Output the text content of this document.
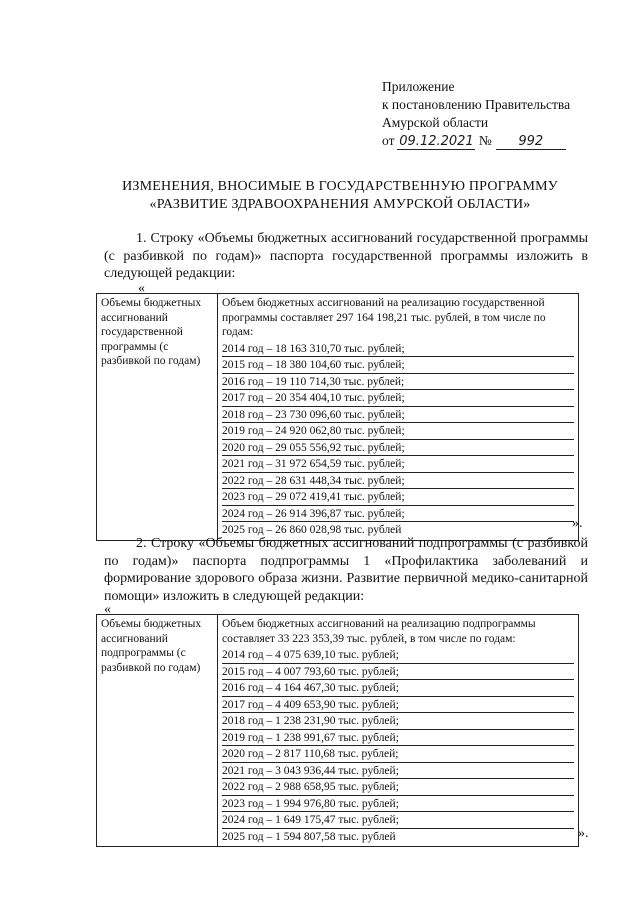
Приложение
к постановлению Правительства
Амурской области
от 09.12.2021 № 992
ИЗМЕНЕНИЯ, ВНОСИМЫЕ В ГОСУДАРСТВЕННУЮ ПРОГРАММУ
«РАЗВИТИЕ ЗДРАВООХРАНЕНИЯ АМУРСКОЙ ОБЛАСТИ»
1. Строку «Объемы бюджетных ассигнований государственной программы (с разбивкой по годам)» паспорта государственной программы изложить в следующей редакции:
«
Объемы бюджетных ассигнований государственной программы (с разбивкой по годам)	
Объем бюджетных ассигнований на реализацию государственной программы составляет 297 164 198,21 тыс. рублей, в том числе по годам:
2014 год – 18 163 310,70 тыс. рублей;
2015 год – 18 380 104,60 тыс. рублей;
2016 год – 19 110 714,30 тыс. рублей;
2017 год – 20 354 404,10 тыс. рублей;
2018 год – 23 730 096,60 тыс. рублей;
2019 год – 24 920 062,80 тыс. рублей;
2020 год – 29 055 556,92 тыс. рублей;
2021 год – 31 972 654,59 тыс. рублей;
2022 год – 28 631 448,34 тыс. рублей;
2023 год – 29 072 419,41 тыс. рублей;
2024 год – 26 914 396,87 тыс. рублей;
2025 год – 26 860 028,98 тыс. рублей	».
2. Строку «Объемы бюджетных ассигнований подпрограммы (с разбивкой по годам)» паспорта подпрограммы 1 «Профилактика заболеваний и формирование здорового образа жизни. Развитие первичной медико-санитарной помощи» изложить в следующей редакции:
«
Объемы бюджетных ассигнований подпрограммы (с разбивкой по годам)	
Объем бюджетных ассигнований на реализацию подпрограммы составляет 33 223 353,39 тыс. рублей, в том числе по годам:
2014 год – 4 075 639,10 тыс. рублей;
2015 год – 4 007 793,60 тыс. рублей;
2016 год – 4 164 467,30 тыс. рублей;
2017 год – 4 409 653,90 тыс. рублей;
2018 год – 1 238 231,90 тыс. рублей;
2019 год – 1 238 991,67 тыс. рублей;
2020 год – 2 817 110,68 тыс. рублей;
2021 год – 3 043 936,44 тыс. рублей;
2022 год – 2 988 658,95 тыс. рублей;
2023 год – 1 994 976,80 тыс. рублей;
2024 год – 1 649 175,47 тыс. рублей;
2025 год – 1 594 807,58 тыс. рублей	».
